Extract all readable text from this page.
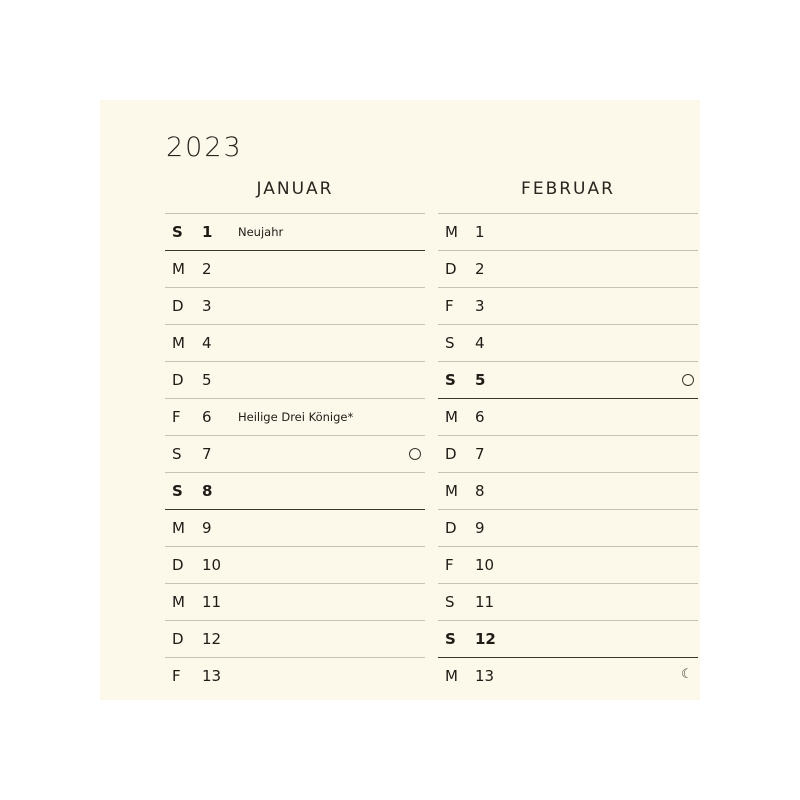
2023
JANUAR
S 1 Neujahr
M 2
D 3
M 4
D 5
F 6 Heilige Drei Könige*
S 7
S 8
M 9
D 10
M 11
D 12
F 13
FEBRUAR
M 1
D 2
F 3
S 4
S 5
M 6
D 7
M 8
D 9
F 10
S 11
S 12
M 13	☾
